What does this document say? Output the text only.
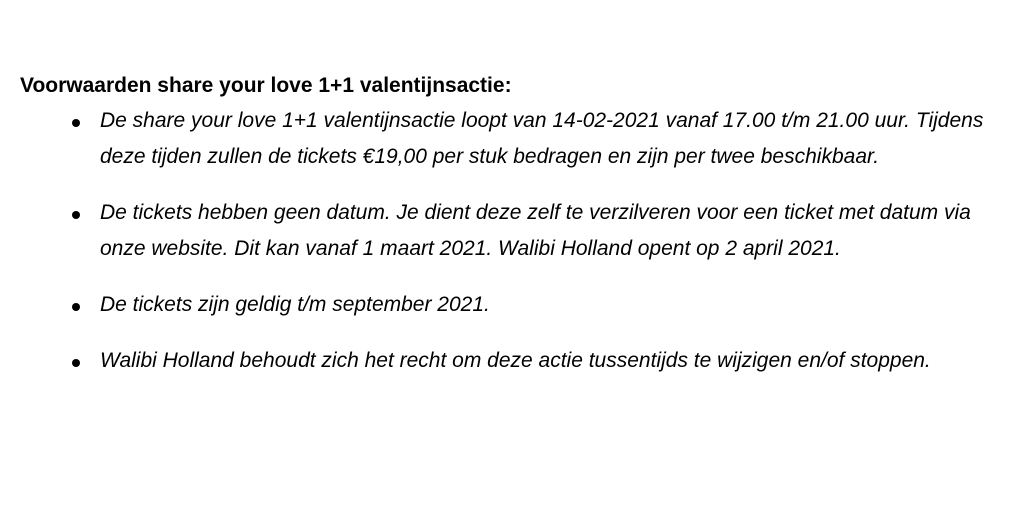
Voorwaarden share your love 1+1 valentijnsactie:

De share your love 1+1 valentijnsactie loopt van 14-02-2021 vanaf 17.00 t/m 21.00 uur. Tijdens deze tijden zullen de tickets €19,00 per stuk bedragen en zijn per twee beschikbaar.
De tickets hebben geen datum. Je dient deze zelf te verzilveren voor een ticket met datum via onze website. Dit kan vanaf 1 maart 2021. Walibi Holland opent op 2 april 2021.
De tickets zijn geldig t/m september 2021.
Walibi Holland behoudt zich het recht om deze actie tussentijds te wijzigen en/of stoppen.
